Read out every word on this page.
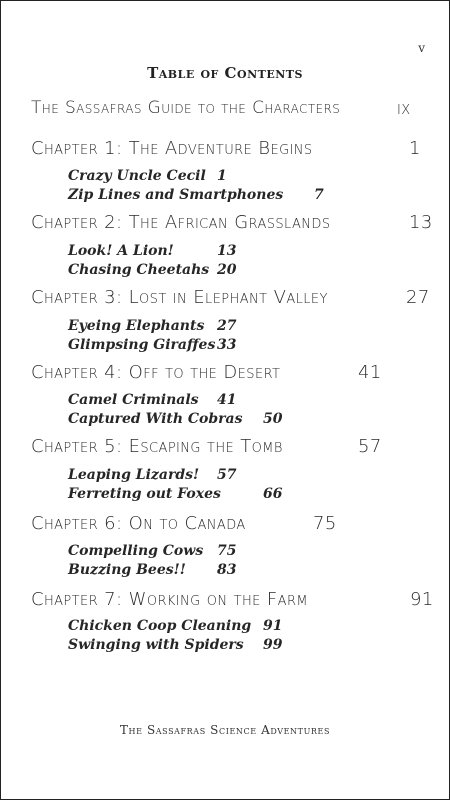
v
Table of Contents
The Sassafras Guide to the Characters	ix
Chapter 1: The Adventure Begins	1
Crazy Uncle Cecil 1
Zip Lines and Smartphones 7
Chapter 2: The African Grasslands	13
Look! A Lion!	13
Chasing Cheetahs 20
Chapter 3: Lost in Elephant Valley	27
Eyeing Elephants 27
Glimpsing Giraffes 33
Chapter 4: Off to the Desert	41
Camel Criminals 41
Captured With Cobras 50
Chapter 5: Escaping the Tomb	57
Leaping Lizards! 57
Ferreting out Foxes	66
Chapter 6: On to Canada	75
Compelling Cows 75
Buzzing Bees!! 83
Chapter 7: Working on the Farm	91
Chicken Coop Cleaning 91
Swinging with Spiders 99
The Sassafras Science Adventures
